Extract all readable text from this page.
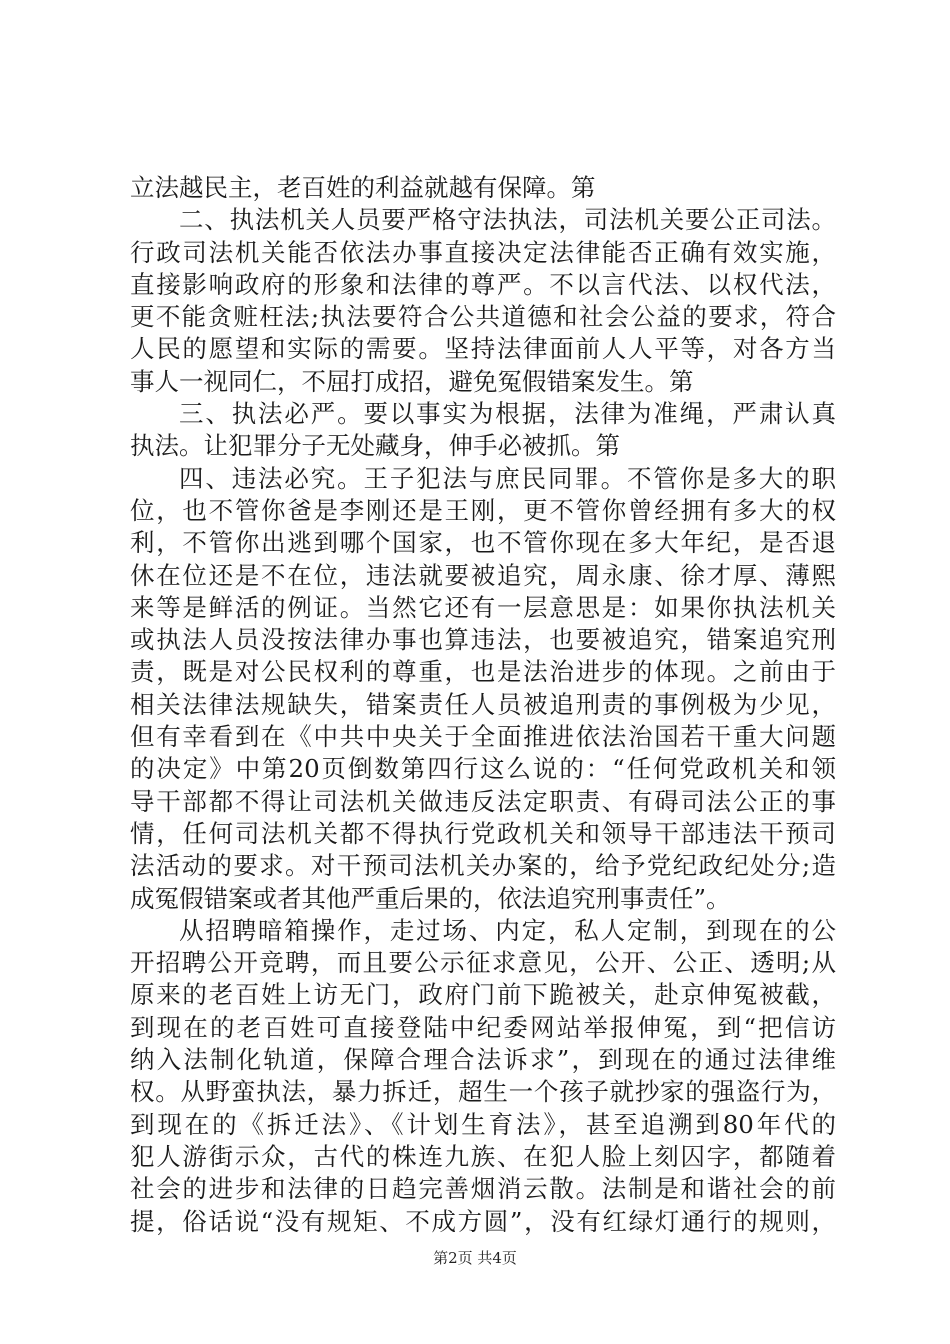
立法越民主，老百姓的利益就越有保障。第
二、执法机关人员要严格守法执法，司法机关要公正司法。
行政司法机关能否依法办事直接决定法律能否正确有效实施，
直接影响政府的形象和法律的尊严。不以言代法、以权代法，
更不能贪赃枉法;执法要符合公共道德和社会公益的要求，符合
人民的愿望和实际的需要。坚持法律面前人人平等，对各方当
事人一视同仁，不屈打成招，避免冤假错案发生。第
三、执法必严。要以事实为根据，法律为准绳，严肃认真
执法。让犯罪分子无处藏身，伸手必被抓。第
四、违法必究。王子犯法与庶民同罪。不管你是多大的职
位，也不管你爸是李刚还是王刚，更不管你曾经拥有多大的权
利，不管你出逃到哪个国家，也不管你现在多大年纪，是否退
休在位还是不在位，违法就要被追究，周永康、徐才厚、薄熙
来等是鲜活的例证。当然它还有一层意思是：如果你执法机关
或执法人员没按法律办事也算违法，也要被追究，错案追究刑
责，既是对公民权利的尊重，也是法治进步的体现。之前由于
相关法律法规缺失，错案责任人员被追刑责的事例极为少见，
但有幸看到在《中共中央关于全面推进依法治国若干重大问题
的决定》中第20页倒数第四行这么说的：“任何党政机关和领
导干部都不得让司法机关做违反法定职责、有碍司法公正的事
情，任何司法机关都不得执行党政机关和领导干部违法干预司
法活动的要求。对干预司法机关办案的，给予党纪政纪处分;造
成冤假错案或者其他严重后果的，依法追究刑事责任”。
从招聘暗箱操作，走过场、内定，私人定制，到现在的公
开招聘公开竞聘，而且要公示征求意见，公开、公正、透明;从
原来的老百姓上访无门，政府门前下跪被关，赴京伸冤被截，
到现在的老百姓可直接登陆中纪委网站举报伸冤，到“把信访
纳入法制化轨道，保障合理合法诉求”，到现在的通过法律维
权。从野蛮执法，暴力拆迁，超生一个孩子就抄家的强盗行为，
到现在的《拆迁法》、《计划生育法》，甚至追溯到80年代的
犯人游街示众，古代的株连九族、在犯人脸上刻囚字，都随着
社会的进步和法律的日趋完善烟消云散。法制是和谐社会的前
提，俗话说“没有规矩、不成方圆”，没有红绿灯通行的规则，
第2页 共4页
